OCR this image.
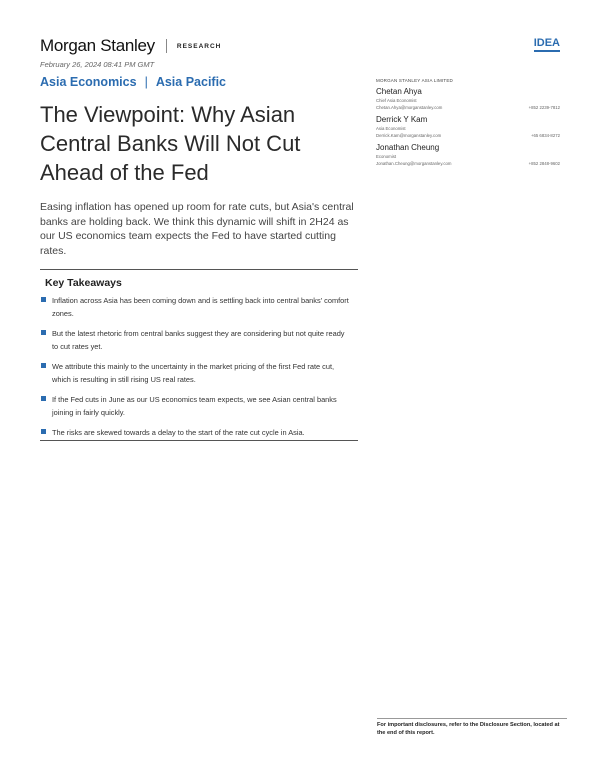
Morgan Stanley	RESEARCH	IDEA
February 26, 2024 08:41 PM GMT
Asia Economics | Asia Pacific
The Viewpoint: Why Asian Central Banks Will Not Cut Ahead of the Fed

Easing inflation has opened up room for rate cuts, but Asia's central banks are holding back. We think this dynamic will shift in 2H24 as our US economics team expects the Fed to have started cutting rates.

Key Takeaways
Inflation across Asia has been coming down and is settling back into central banks' comfort zones.
But the latest rhetoric from central banks suggest they are considering but not quite ready to cut rates yet.
We attribute this mainly to the uncertainty in the market pricing of the first Fed rate cut, which is resulting in still rising US real rates.
If the Fed cuts in June as our US economics team expects, we see Asian central banks joining in fairly quickly.
The risks are skewed towards a delay to the start of the rate cut cycle in Asia.
MORGAN STANLEY ASIA LIMITED
Chetan Ahya
Chief Asia Economist
Chetan.Ahya@morganstanley.com	+852 2239-7812
Derrick Y Kam
Asia Economist
Derrick.Kam@morganstanley.com	+65 6834-8272
Jonathan Cheung
Economist
Jonathan.Cheung@morganstanley.com	+852 2848-9602
For important disclosures, refer to the Disclosure Section, located at the end of this report.
